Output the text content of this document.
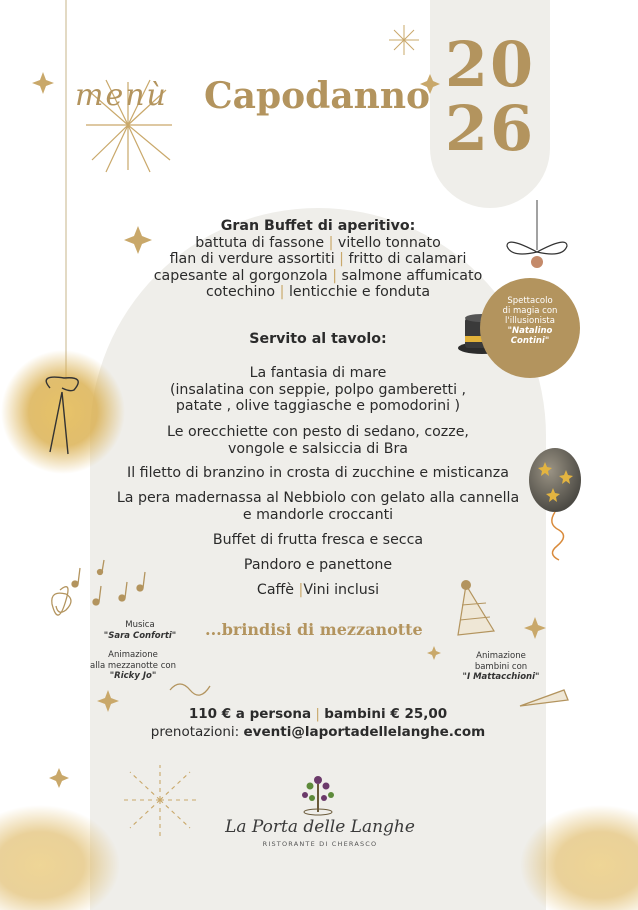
20
26
menù Capodanno
Gran Buffet di aperitivo:
battuta di fassone | vitello tonnato
flan di verdure assortiti | fritto di calamari
capesante al gorgonzola | salmone affumicato
cotechino | lenticchie e fonduta
Servito al tavolo:
La fantasia di mare
(insalatina con seppie, polpo gamberetti ,
patate , olive taggiasche e pomodorini )
Le orecchiette con pesto di sedano, cozze,
vongole e salsiccia di Bra
Il filetto di branzino in crosta di zucchine e misticanza
La pera madernassa al Nebbiolo con gelato alla cannella
e mandorle croccanti
Buffet di frutta fresca e secca
Pandoro e panettone
Caffè |Vini inclusi
Spettacolo
di magia con
l'illusionista
"Natalino
Contini"
Musica
"Sara Conforti"
Animazione
alla mezzanotte con
"Ricky Jo"
Animazione
bambini con
"I Mattacchioni"
...brindisi di mezzanotte
110 € a persona | bambini € 25,00
prenotazioni: eventi@laportadellelanghe.com
La Porta delle Langhe
RISTORANTE DI CHERASCO
